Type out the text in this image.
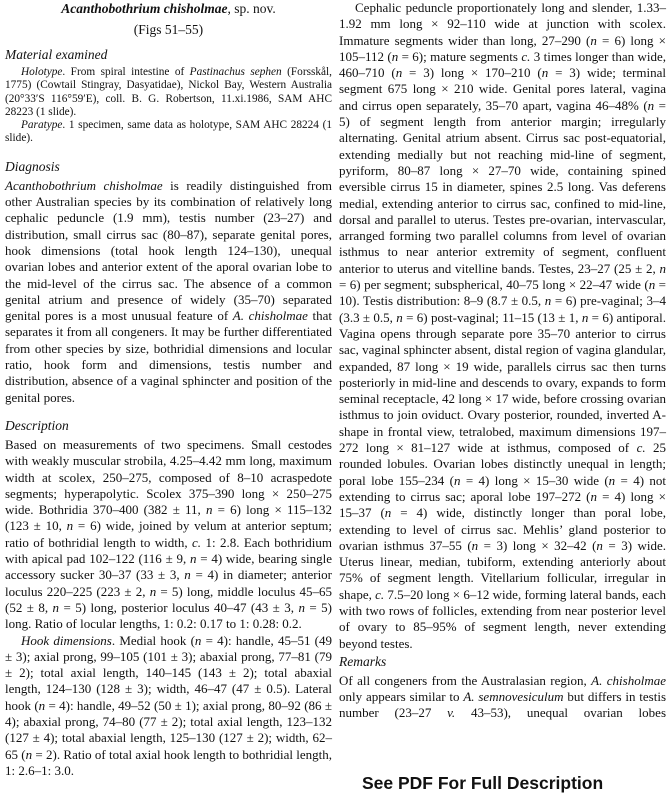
Acanthobothrium chisholmae, sp. nov.
(Figs 51–55)
Material examined

Holotype. From spiral intestine of Pastinachus sephen (Forsskål, 1775) (Cowtail Stingray, Dasyatidae), Nickol Bay, Western Australia (20°33′S 116°59′E), coll. B. G. Robertson, 11.xi.1986, SAM AHC 28223 (1 slide).

Paratype. 1 specimen, same data as holotype, SAM AHC 28224 (1 slide).

Diagnosis

Acanthobothrium chisholmae is readily distinguished from other Australian species by its combination of relatively long cephalic peduncle (1.9 mm), testis number (23–27) and distribution, small cirrus sac (80–87), separate genital pores, hook dimensions (total hook length 124–130), unequal ovarian lobes and anterior extent of the aporal ovarian lobe to the mid-level of the cirrus sac. The absence of a common genital atrium and presence of widely (35–70) separated genital pores is a most unusual feature of A. chisholmae that separates it from all congeners. It may be further differentiated from other species by size, bothridial dimensions and locular ratio, hook form and dimensions, testis number and distribution, absence of a vaginal sphincter and position of the genital pores.

Description

Based on measurements of two specimens. Small cestodes with weakly muscular strobila, 4.25–4.42 mm long, maximum width at scolex, 250–275, composed of 8–10 acraspedote segments; hyperapolytic. Scolex 375–390 long × 250–275 wide. Bothridia 370–400 (382 ± 11, n = 6) long × 115–132 (123 ± 10, n = 6) wide, joined by velum at anterior septum; ratio of bothridial length to width, c. 1: 2.8. Each bothridium with apical pad 102–122 (116 ± 9, n = 4) wide, bearing single accessory sucker 30–37 (33 ± 3, n = 4) in diameter; anterior loculus 220–225 (223 ± 2, n = 5) long, middle loculus 45–65 (52 ± 8, n = 5) long, posterior loculus 40–47 (43 ± 3, n = 5) long. Ratio of locular lengths, 1: 0.2: 0.17 to 1: 0.28: 0.2.

Hook dimensions. Medial hook (n = 4): handle, 45–51 (49 ± 3); axial prong, 99–105 (101 ± 3); abaxial prong, 77–81 (79 ± 2); total axial length, 140–145 (143 ± 2); total abaxial length, 124–130 (128 ± 3); width, 46–47 (47 ± 0.5). Lateral hook (n = 4): handle, 49–52 (50 ± 1); axial prong, 80–92 (86 ± 4); abaxial prong, 74–80 (77 ± 2); total axial length, 123–132 (127 ± 4); total abaxial length, 125–130 (127 ± 2); width, 62–65 (n = 2). Ratio of total axial hook length to bothridial length, 1: 2.6–1: 3.0.

Cephalic peduncle proportionately long and slender, 1.33–1.92 mm long × 92–110 wide at junction with scolex. Immature segments wider than long, 27–290 (n = 6) long × 105–112 (n = 6); mature segments c. 3 times longer than wide, 460–710 (n = 3) long × 170–210 (n = 3) wide; terminal segment 675 long × 210 wide. Genital pores lateral, vagina and cirrus open separately, 35–70 apart, vagina 46–48% (n = 5) of segment length from anterior margin; irregularly alternating. Genital atrium absent. Cirrus sac post-equatorial, extending medially but not reaching mid-line of segment, pyriform, 80–87 long × 27–70 wide, containing spined eversible cirrus 15 in diameter, spines 2.5 long. Vas deferens medial, extending anterior to cirrus sac, confined to mid-line, dorsal and parallel to uterus. Testes pre-ovarian, intervascular, arranged forming two parallel columns from level of ovarian isthmus to near anterior extremity of segment, confluent anterior to uterus and vitelline bands. Testes, 23–27 (25 ± 2, n = 6) per segment; subspherical, 40–75 long × 22–47 wide (n = 10). Testis distribution: 8–9 (8.7 ± 0.5, n = 6) pre-vaginal; 3–4 (3.3 ± 0.5, n = 6) post-vaginal; 11–15 (13 ± 1, n = 6) antiporal. Vagina opens through separate pore 35–70 anterior to cirrus sac, vaginal sphincter absent, distal region of vagina glandular, expanded, 87 long × 19 wide, parallels cirrus sac then turns posteriorly in mid-line and descends to ovary, expands to form seminal receptacle, 42 long × 17 wide, before crossing ovarian isthmus to join oviduct. Ovary posterior, rounded, inverted A-shape in frontal view, tetralobed, maximum dimensions 197–272 long × 81–127 wide at isthmus, composed of c. 25 rounded lobules. Ovarian lobes distinctly unequal in length; poral lobe 155–234 (n = 4) long × 15–30 wide (n = 4) not extending to cirrus sac; aporal lobe 197–272 (n = 4) long × 15–37 (n = 4) wide, distinctly longer than poral lobe, extending to level of cirrus sac. Mehlis’ gland posterior to ovarian isthmus 37–55 (n = 3) long × 32–42 (n = 3) wide. Uterus linear, median, tubiform, extending anteriorly about 75% of segment length. Vitellarium follicular, irregular in shape, c. 7.5–20 long × 6–12 wide, forming lateral bands, each with two rows of follicles, extending from near posterior level of ovary to 85–95% of segment length, never extending beyond testes.

Remarks

Of all congeners from the Australasian region, A. chisholmae only appears similar to A. semnovesiculum but differs in testis number (23–27 v. 43–53), unequal ovarian lobes

See PDF For Full Description
